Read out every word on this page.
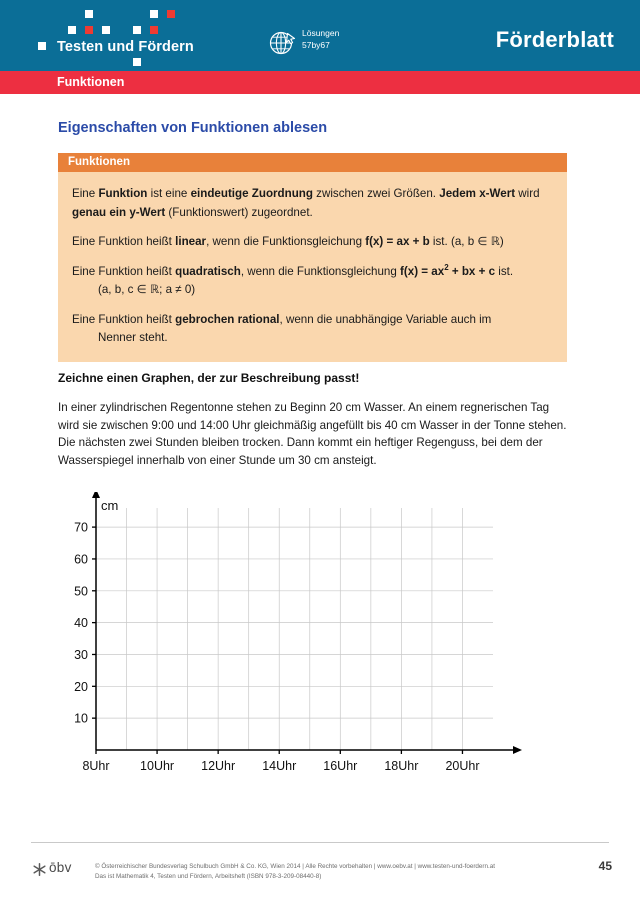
Testen und Fördern
Lösungen
57by67	Förderblatt
Funktionen
Eigenschaften von Funktionen ablesen
Funktionen

Eine Funktion ist eine eindeutige Zuordnung zwischen zwei Größen. Jedem x-Wert wird genau ein y-Wert (Funktionswert) zugeordnet.

Eine Funktion heißt linear, wenn die Funktionsgleichung f(x) = ax + b ist. (a, b ∈ ℝ)

Eine Funktion heißt quadratisch, wenn die Funktionsgleichung $f(x) = ax^2$ + bx + c ist.
(a, b, c ∈ ℝ; a ≠ 0)

Eine Funktion heißt gebrochen rational, wenn die unabhängige Variable auch im
Nenner steht.

Zeichne einen Graphen, der zur Beschreibung passt!
In einer zylindrischen Regentonne stehen zu Beginn 20 cm Wasser. An einem regnerischen Tag wird sie zwischen 9:00 und 14:00 Uhr gleichmäßig angefüllt bis 40 cm Wasser in der Tonne stehen. Die nächsten zwei Stunden bleiben trocken. Dann kommt ein heftiger Regenguss, bei dem der Wasserspiegel innerhalb von einer Stunde um 30 cm ansteigt.
10
20
30
40
50
60
70
cm
8Uhr 10Uhr 12Uhr 14Uhr 16Uhr 18Uhr 20Uhr
ōbv	© Österreichischer Bundesverlag Schulbuch GmbH & Co. KG, Wien 2014 | Alle Rechte vorbehalten | www.oebv.at | www.testen-und-foerdern.at
Das ist Mathematik 4, Testen und Fördern, Arbeitsheft (ISBN 978-3-209-08440-8)
45
